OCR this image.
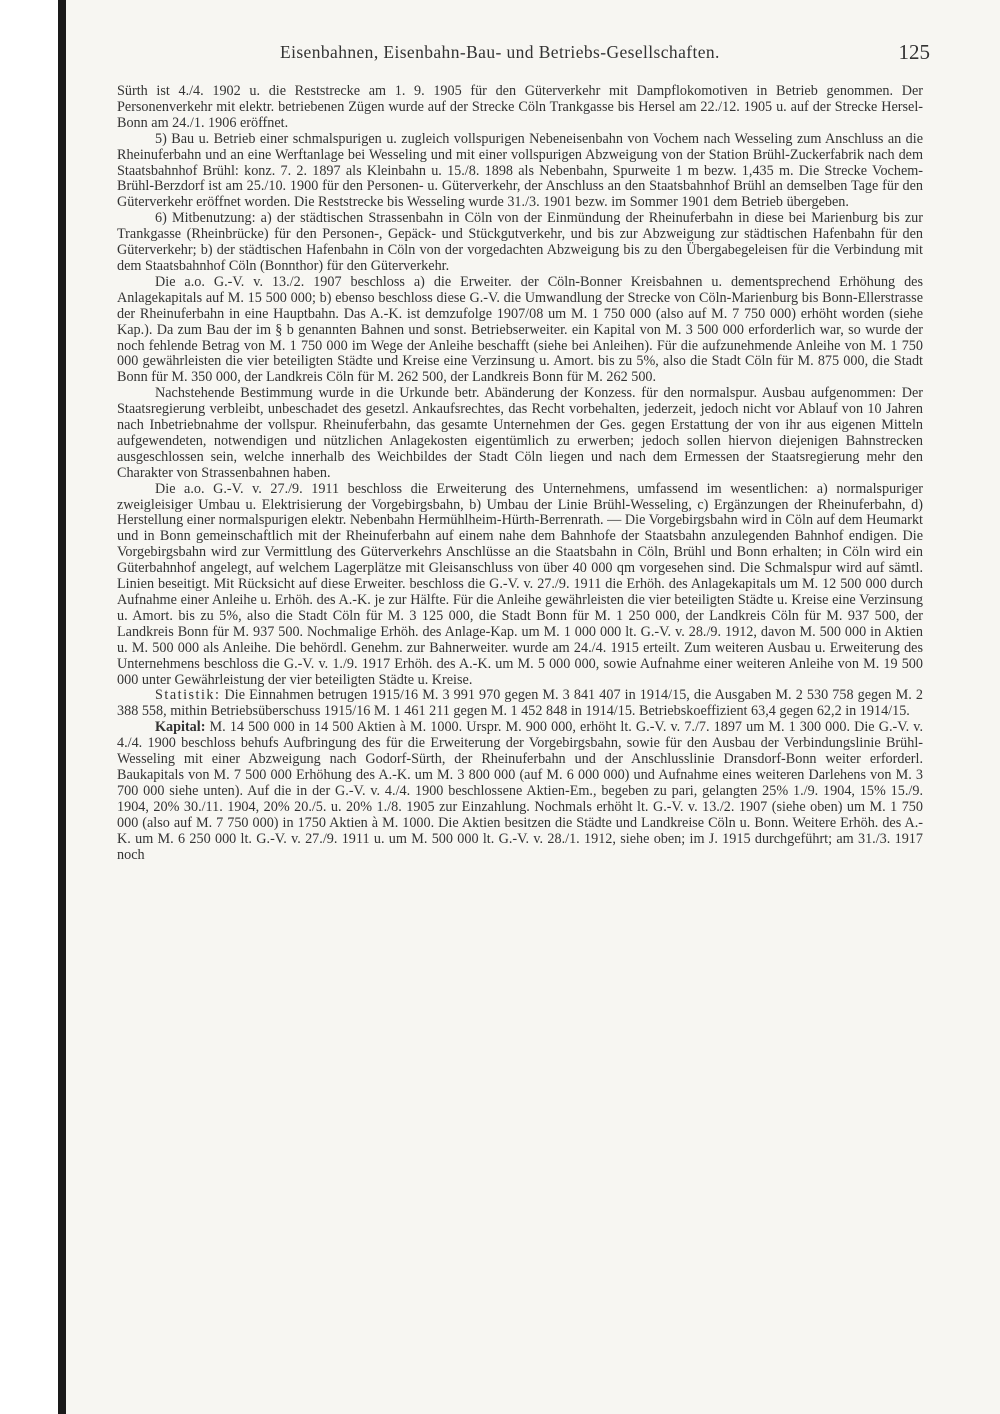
Eisenbahnen, Eisenbahn-Bau- und Betriebs-Gesellschaften.	125

Sürth ist 4./4. 1902 u. die Reststrecke am 1. 9. 1905 für den Güterverkehr mit Dampflokomotiven in Betrieb genommen. Der Personenverkehr mit elektr. betriebenen Zügen wurde auf der Strecke Cöln Trankgasse bis Hersel am 22./12. 1905 u. auf der Strecke Hersel-Bonn am 24./1. 1906 eröffnet.

5) Bau u. Betrieb einer schmalspurigen u. zugleich vollspurigen Nebeneisenbahn von Vochem nach Wesseling zum Anschluss an die Rheinuferbahn und an eine Werftanlage bei Wesseling und mit einer vollspurigen Abzweigung von der Station Brühl-Zuckerfabrik nach dem Staatsbahnhof Brühl: konz. 7. 2. 1897 als Kleinbahn u. 15./8. 1898 als Nebenbahn, Spurweite 1 m bezw. 1,435 m. Die Strecke Vochem-Brühl-Berzdorf ist am 25./10. 1900 für den Personen- u. Güterverkehr, der Anschluss an den Staatsbahnhof Brühl an demselben Tage für den Güterverkehr eröffnet worden. Die Reststrecke bis Wesseling wurde 31./3. 1901 bezw. im Sommer 1901 dem Betrieb übergeben.

6) Mitbenutzung: a) der städtischen Strassenbahn in Cöln von der Einmündung der Rheinuferbahn in diese bei Marienburg bis zur Trankgasse (Rheinbrücke) für den Personen-, Gepäck- und Stückgutverkehr, und bis zur Abzweigung zur städtischen Hafenbahn für den Güterverkehr; b) der städtischen Hafenbahn in Cöln von der vorgedachten Abzweigung bis zu den Übergabegeleisen für die Verbindung mit dem Staatsbahnhof Cöln (Bonnthor) für den Güterverkehr.

Die a.o. G.-V. v. 13./2. 1907 beschloss a) die Erweiter. der Cöln-Bonner Kreisbahnen u. dementsprechend Erhöhung des Anlagekapitals auf M. 15 500 000; b) ebenso beschloss diese G.-V. die Umwandlung der Strecke von Cöln-Marienburg bis Bonn-Ellerstrasse der Rheinuferbahn in eine Hauptbahn. Das A.-K. ist demzufolge 1907/08 um M. 1 750 000 (also auf M. 7 750 000) erhöht worden (siehe Kap.). Da zum Bau der im § b genannten Bahnen und sonst. Betriebserweiter. ein Kapital von M. 3 500 000 erforderlich war, so wurde der noch fehlende Betrag von M. 1 750 000 im Wege der Anleihe beschafft (siehe bei Anleihen). Für die aufzunehmende Anleihe von M. 1 750 000 gewährleisten die vier beteiligten Städte und Kreise eine Verzinsung u. Amort. bis zu 5%, also die Stadt Cöln für M. 875 000, die Stadt Bonn für M. 350 000, der Landkreis Cöln für M. 262 500, der Landkreis Bonn für M. 262 500.

Nachstehende Bestimmung wurde in die Urkunde betr. Abänderung der Konzess. für den normalspur. Ausbau aufgenommen: Der Staatsregierung verbleibt, unbeschadet des gesetzl. Ankaufsrechtes, das Recht vorbehalten, jederzeit, jedoch nicht vor Ablauf von 10 Jahren nach Inbetriebnahme der vollspur. Rheinuferbahn, das gesamte Unternehmen der Ges. gegen Erstattung der von ihr aus eigenen Mitteln aufgewendeten, notwendigen und nützlichen Anlagekosten eigentümlich zu erwerben; jedoch sollen hiervon diejenigen Bahnstrecken ausgeschlossen sein, welche innerhalb des Weichbildes der Stadt Cöln liegen und nach dem Ermessen der Staatsregierung mehr den Charakter von Strassenbahnen haben.

Die a.o. G.-V. v. 27./9. 1911 beschloss die Erweiterung des Unternehmens, umfassend im wesentlichen: a) normalspuriger zweigleisiger Umbau u. Elektrisierung der Vorgebirgsbahn, b) Umbau der Linie Brühl-Wesseling, c) Ergänzungen der Rheinuferbahn, d) Herstellung einer normalspurigen elektr. Nebenbahn Hermühlheim-Hürth-Berrenrath. — Die Vorgebirgsbahn wird in Cöln auf dem Heumarkt und in Bonn gemeinschaftlich mit der Rheinuferbahn auf einem nahe dem Bahnhofe der Staatsbahn anzulegenden Bahnhof endigen. Die Vorgebirgsbahn wird zur Vermittlung des Güterverkehrs Anschlüsse an die Staatsbahn in Cöln, Brühl und Bonn erhalten; in Cöln wird ein Güterbahnhof angelegt, auf welchem Lagerplätze mit Gleisanschluss von über 40 000 qm vorgesehen sind. Die Schmalspur wird auf sämtl. Linien beseitigt. Mit Rücksicht auf diese Erweiter. beschloss die G.-V. v. 27./9. 1911 die Erhöh. des Anlagekapitals um M. 12 500 000 durch Aufnahme einer Anleihe u. Erhöh. des A.-K. je zur Hälfte. Für die Anleihe gewährleisten die vier beteiligten Städte u. Kreise eine Verzinsung u. Amort. bis zu 5%, also die Stadt Cöln für M. 3 125 000, die Stadt Bonn für M. 1 250 000, der Landkreis Cöln für M. 937 500, der Landkreis Bonn für M. 937 500. Nochmalige Erhöh. des Anlage-Kap. um M. 1 000 000 lt. G.-V. v. 28./9. 1912, davon M. 500 000 in Aktien u. M. 500 000 als Anleihe. Die behördl. Genehm. zur Bahnerweiter. wurde am 24./4. 1915 erteilt. Zum weiteren Ausbau u. Erweiterung des Unternehmens beschloss die G.-V. v. 1./9. 1917 Erhöh. des A.-K. um M. 5 000 000, sowie Aufnahme einer weiteren Anleihe von M. 19 500 000 unter Gewährleistung der vier beteiligten Städte u. Kreise.

Statistik: Die Einnahmen betrugen 1915/16 M. 3 991 970 gegen M. 3 841 407 in 1914/15, die Ausgaben M. 2 530 758 gegen M. 2 388 558, mithin Betriebsüberschuss 1915/16 M. 1 461 211 gegen M. 1 452 848 in 1914/15. Betriebskoeffizient 63,4 gegen 62,2 in 1914/15.

Kapital: M. 14 500 000 in 14 500 Aktien à M. 1000. Urspr. M. 900 000, erhöht lt. G.-V. v. 7./7. 1897 um M. 1 300 000. Die G.-V. v. 4./4. 1900 beschloss behufs Aufbringung des für die Erweiterung der Vorgebirgsbahn, sowie für den Ausbau der Verbindungslinie Brühl-Wesseling mit einer Abzweigung nach Godorf-Sürth, der Rheinuferbahn und der Anschlusslinie Dransdorf-Bonn weiter erforderl. Baukapitals von M. 7 500 000 Erhöhung des A.-K. um M. 3 800 000 (auf M. 6 000 000) und Aufnahme eines weiteren Darlehens von M. 3 700 000 siehe unten). Auf die in der G.-V. v. 4./4. 1900 beschlossene Aktien-Em., begeben zu pari, gelangten 25% 1./9. 1904, 15% 15./9. 1904, 20% 30./11. 1904, 20% 20./5. u. 20% 1./8. 1905 zur Einzahlung. Nochmals erhöht lt. G.-V. v. 13./2. 1907 (siehe oben) um M. 1 750 000 (also auf M. 7 750 000) in 1750 Aktien à M. 1000. Die Aktien besitzen die Städte und Landkreise Cöln u. Bonn. Weitere Erhöh. des A.-K. um M. 6 250 000 lt. G.-V. v. 27./9. 1911 u. um M. 500 000 lt. G.-V. v. 28./1. 1912, siehe oben; im J. 1915 durchgeführt; am 31./3. 1917 noch
